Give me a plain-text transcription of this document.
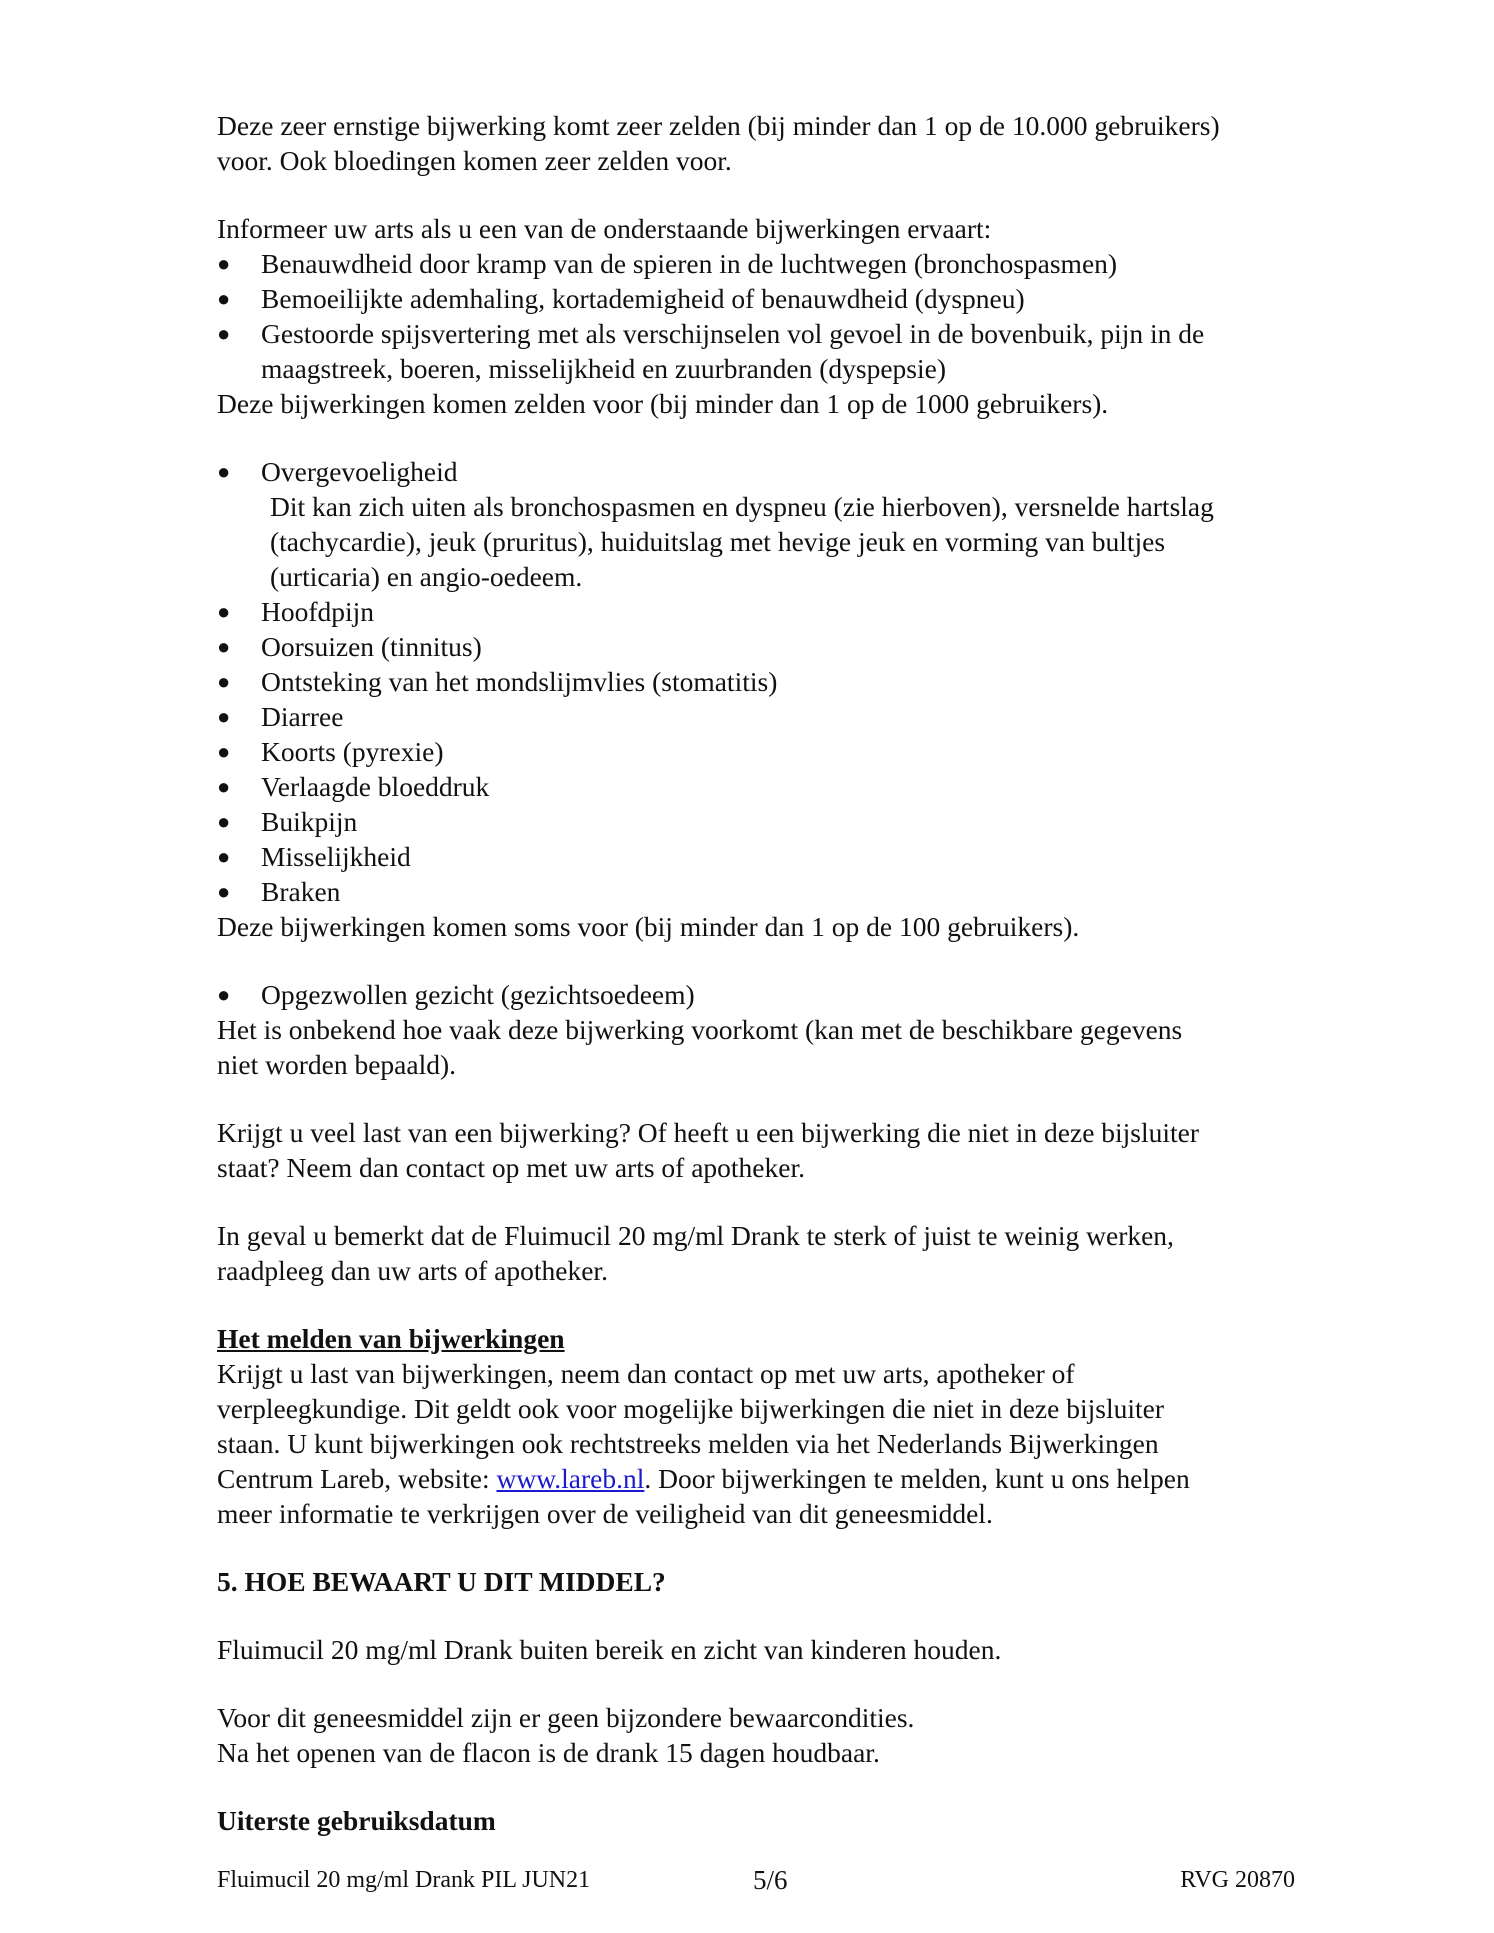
Deze zeer ernstige bijwerking komt zeer zelden (bij minder dan 1 op de 10.000 gebruikers)

voor. Ook bloedingen komen zeer zelden voor.

Informeer uw arts als u een van de onderstaande bijwerkingen ervaart:

●	Benauwdheid door kramp van de spieren in de luchtwegen (bronchospasmen)
●	Bemoeilijkte ademhaling, kortademigheid of benauwdheid (dyspneu)
●	Gestoorde spijsvertering met als verschijnselen vol gevoel in de bovenbuik, pijn in de maagstreek, boeren, misselijkheid en zuurbranden (dyspepsie)

Deze bijwerkingen komen zelden voor (bij minder dan 1 op de 1000 gebruikers).

●	Overgevoeligheid

Dit kan zich uiten als bronchospasmen en dyspneu (zie hierboven), versnelde hartslag

(tachycardie), jeuk (pruritus), huiduitslag met hevige jeuk en vorming van bultjes

(urticaria) en angio-oedeem.

●	Hoofdpijn
●	Oorsuizen (tinnitus)
●	Ontsteking van het mondslijmvlies (stomatitis)
●	Diarree
●	Koorts (pyrexie)
●	Verlaagde bloeddruk
●	Buikpijn
●	Misselijkheid
●	Braken

Deze bijwerkingen komen soms voor (bij minder dan 1 op de 100 gebruikers).

●	Opgezwollen gezicht (gezichtsoedeem)

Het is onbekend hoe vaak deze bijwerking voorkomt (kan met de beschikbare gegevens

niet worden bepaald).

Krijgt u veel last van een bijwerking? Of heeft u een bijwerking die niet in deze bijsluiter

staat? Neem dan contact op met uw arts of apotheker.

In geval u bemerkt dat de Fluimucil 20 mg/ml Drank te sterk of juist te weinig werken,

raadpleeg dan uw arts of apotheker.

Het melden van bijwerkingen

Krijgt u last van bijwerkingen, neem dan contact op met uw arts, apotheker of

verpleegkundige. Dit geldt ook voor mogelijke bijwerkingen die niet in deze bijsluiter

staan. U kunt bijwerkingen ook rechtstreeks melden via het Nederlands Bijwerkingen

Centrum Lareb, website: www.lareb.nl. Door bijwerkingen te melden, kunt u ons helpen

meer informatie te verkrijgen over de veiligheid van dit geneesmiddel.

5. HOE BEWAART U DIT MIDDEL?

Fluimucil 20 mg/ml Drank buiten bereik en zicht van kinderen houden.

Voor dit geneesmiddel zijn er geen bijzondere bewaarcondities.

Na het openen van de flacon is de drank 15 dagen houdbaar.

Uiterste gebruiksdatum

Fluimucil 20 mg/ml Drank PIL JUN21	5/6	RVG 20870
